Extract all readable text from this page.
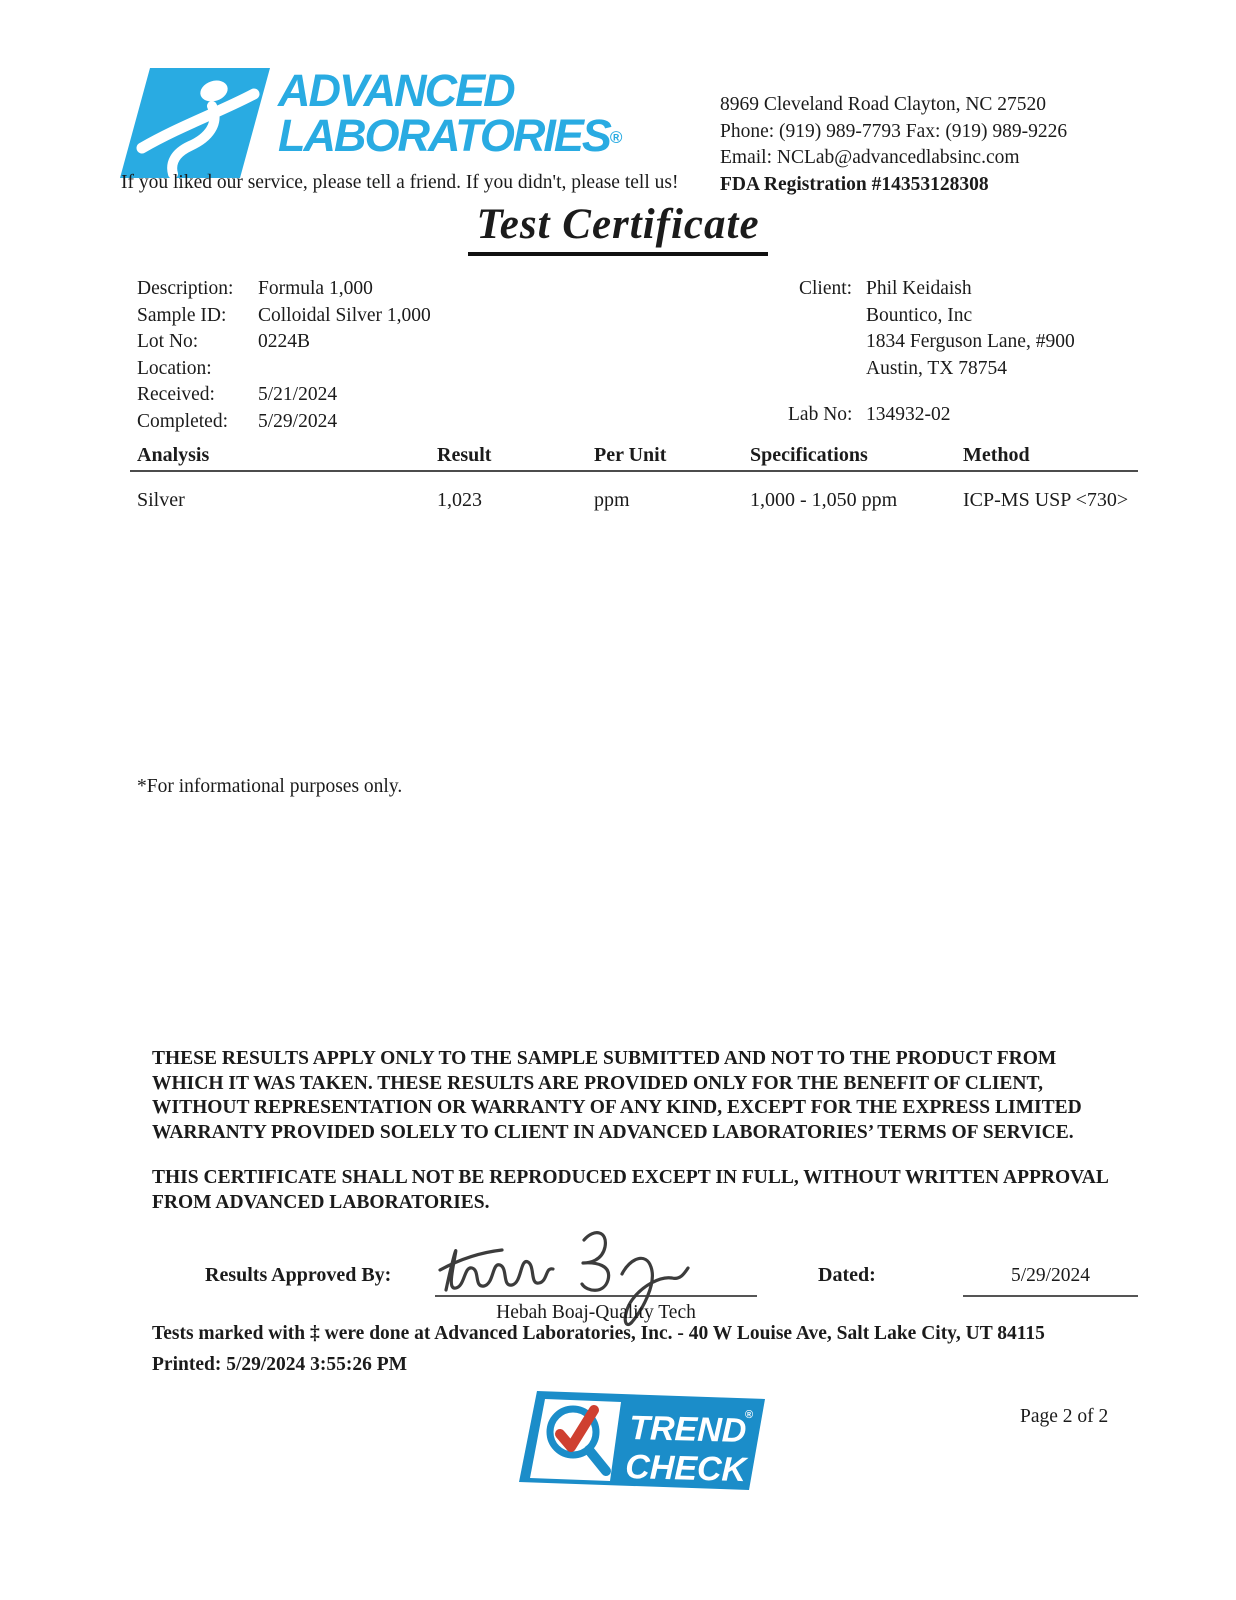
ADVANCED
LABORATORIES®
If you liked our service, please tell a friend. If you didn't, please tell us!
8969 Cleveland Road Clayton, NC 27520
Phone: (919) 989-7793 Fax: (919) 989-9226
Email: NCLab@advancedlabsinc.com
FDA Registration #14353128308
Test Certificate
Description:	Formula 1,000
Sample ID:	Colloidal Silver 1,000
Lot No:	0224B
Location:
Received:	5/21/2024
Completed:	5/29/2024
Client: Phil Keidaish
Bountico, Inc
1834 Ferguson Lane, #900
Austin, TX 78754
Lab No: 134932-02
Analysis	Result	Per Unit	Specifications	Method
Silver	1,023	ppm	1,000 - 1,050 ppm	ICP-MS USP <730>
*For informational purposes only.
THESE RESULTS APPLY ONLY TO THE SAMPLE SUBMITTED AND NOT TO THE PRODUCT FROM WHICH IT WAS TAKEN. THESE RESULTS ARE PROVIDED ONLY FOR THE BENEFIT OF CLIENT, WITHOUT REPRESENTATION OR WARRANTY OF ANY KIND, EXCEPT FOR THE EXPRESS LIMITED WARRANTY PROVIDED SOLELY TO CLIENT IN ADVANCED LABORATORIES’ TERMS OF SERVICE.
THIS CERTIFICATE SHALL NOT BE REPRODUCED EXCEPT IN FULL, WITHOUT WRITTEN APPROVAL FROM ADVANCED LABORATORIES.
Results Approved By:
Hebah Boaj-Quality Tech
Dated:	5/29/2024
Tests marked with ‡ were done at Advanced Laboratories, Inc. - 40 W Louise Ave, Salt Lake City, UT 84115
Printed: 5/29/2024 3:55:26 PM
TREND
®
CHECK
Page 2 of 2
